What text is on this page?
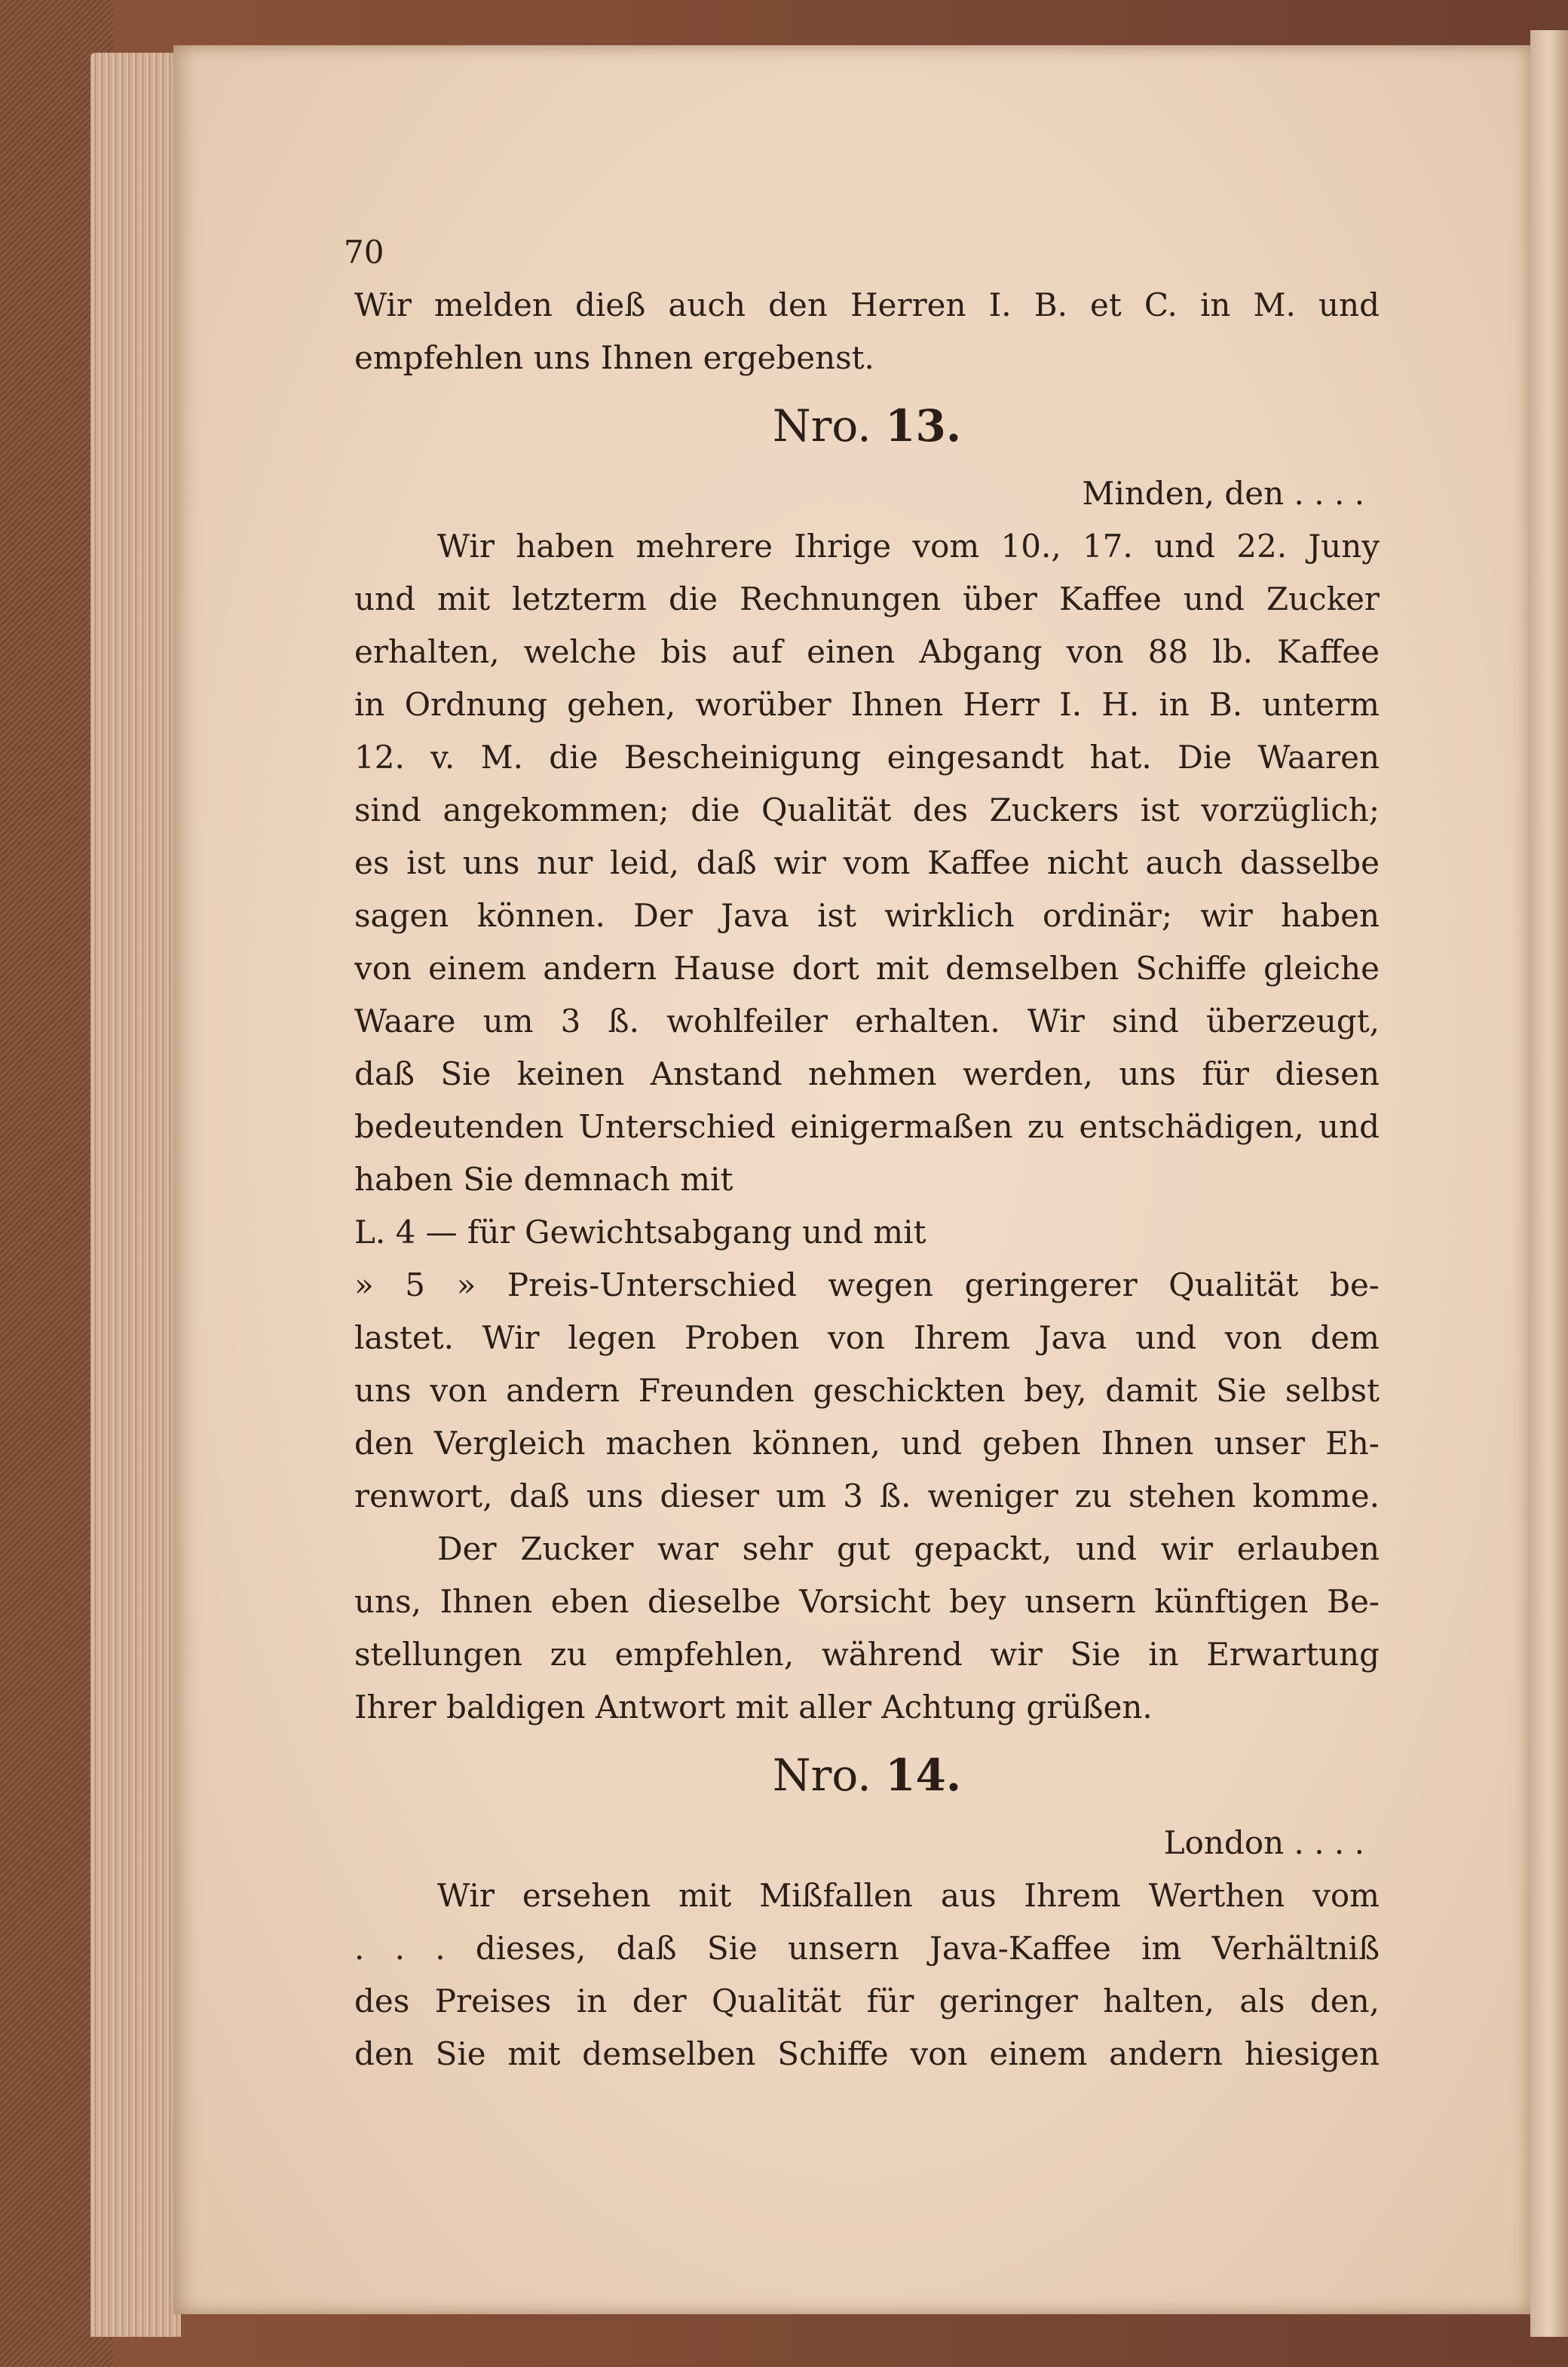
70
Wir melden dieß auch den Herren I. B. et C. in M. und
empfehlen uns Ihnen ergebenst.
Nro. 13.
Minden, den . . . .
Wir haben mehrere Ihrige vom 10., 17. und 22. Juny
und mit letzterm die Rechnungen über Kaffee und Zucker
erhalten, welche bis auf einen Abgang von 88 lb. Kaffee
in Ordnung gehen, worüber Ihnen Herr I. H. in B. unterm
12. v. M. die Bescheinigung eingesandt hat. Die Waaren
sind angekommen; die Qualität des Zuckers ist vorzüglich;
es ist uns nur leid, daß wir vom Kaffee nicht auch dasselbe
sagen können. Der Java ist wirklich ordinär; wir haben
von einem andern Hause dort mit demselben Schiffe gleiche
Waare um 3 ß. wohlfeiler erhalten. Wir sind überzeugt,
daß Sie keinen Anstand nehmen werden, uns für diesen
bedeutenden Unterschied einigermaßen zu entschädigen, und
haben Sie demnach mit
L. 4 — für Gewichtsabgang und mit
» 5 » Preis-Unterschied wegen geringerer Qualität be-
lastet. Wir legen Proben von Ihrem Java und von dem
uns von andern Freunden geschickten bey, damit Sie selbst
den Vergleich machen können, und geben Ihnen unser Eh-
renwort, daß uns dieser um 3 ß. weniger zu stehen komme.
Der Zucker war sehr gut gepackt, und wir erlauben
uns, Ihnen eben dieselbe Vorsicht bey unsern künftigen Be-
stellungen zu empfehlen, während wir Sie in Erwartung
Ihrer baldigen Antwort mit aller Achtung grüßen.
Nro. 14.
London . . . .
Wir ersehen mit Mißfallen aus Ihrem Werthen vom
. . . dieses, daß Sie unsern Java-Kaffee im Verhältniß
des Preises in der Qualität für geringer halten, als den,
den Sie mit demselben Schiffe von einem andern hiesigen
